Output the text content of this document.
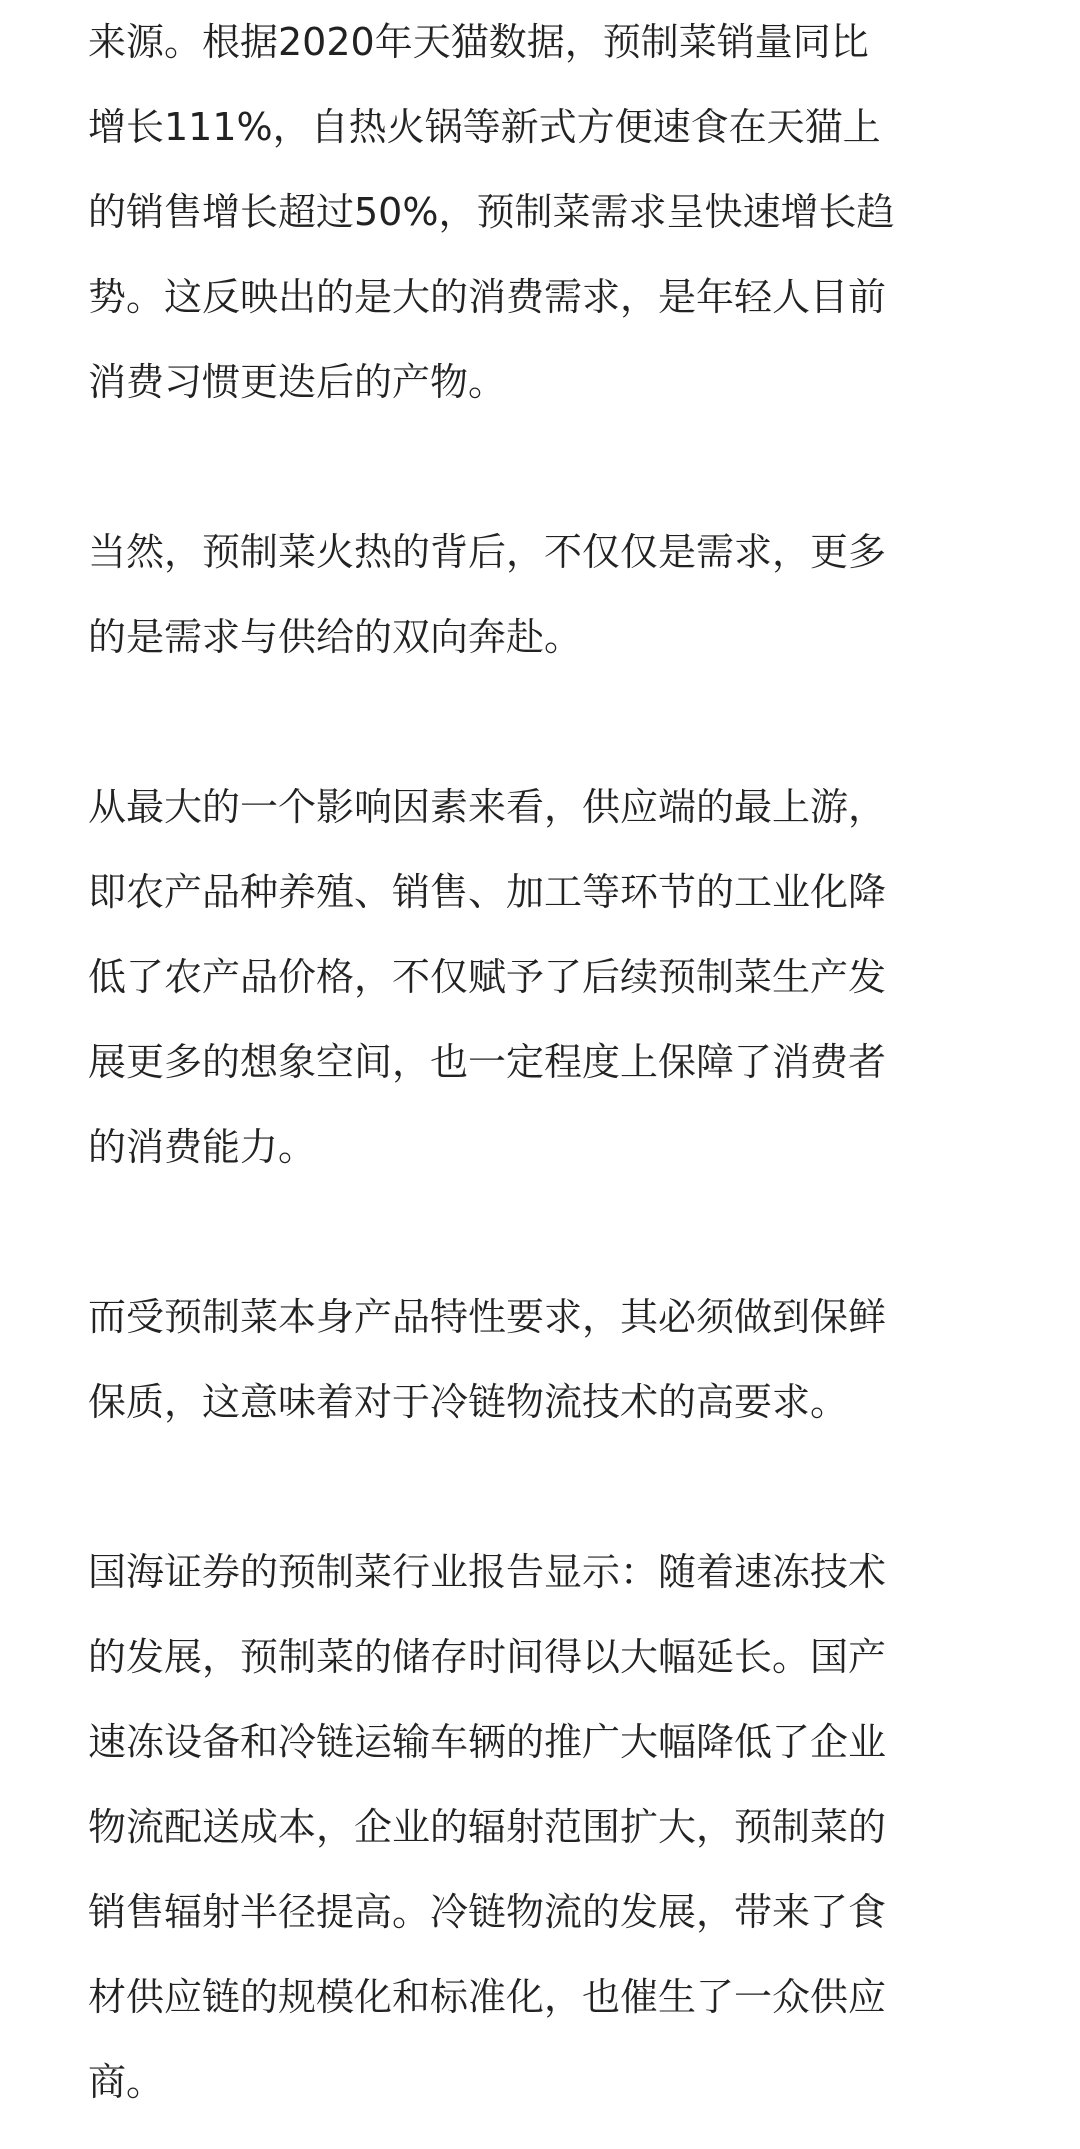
来源。根据2020年天猫数据，预制菜销量同比
增长111%，自热火锅等新式方便速食在天猫上
的销售增长超过50%，预制菜需求呈快速增长趋
势。这反映出的是大的消费需求，是年轻人目前
消费习惯更迭后的产物。
当然，预制菜火热的背后，不仅仅是需求，更多
的是需求与供给的双向奔赴。
从最大的一个影响因素来看，供应端的最上游，
即农产品种养殖、销售、加工等环节的工业化降
低了农产品价格，不仅赋予了后续预制菜生产发
展更多的想象空间，也一定程度上保障了消费者
的消费能力。
而受预制菜本身产品特性要求，其必须做到保鲜
保质，这意味着对于冷链物流技术的高要求。
国海证券的预制菜行业报告显示：随着速冻技术
的发展，预制菜的储存时间得以大幅延长。国产
速冻设备和冷链运输车辆的推广大幅降低了企业
物流配送成本，企业的辐射范围扩大，预制菜的
销售辐射半径提高。冷链物流的发展，带来了食
材供应链的规模化和标准化，也催生了一众供应
商。
